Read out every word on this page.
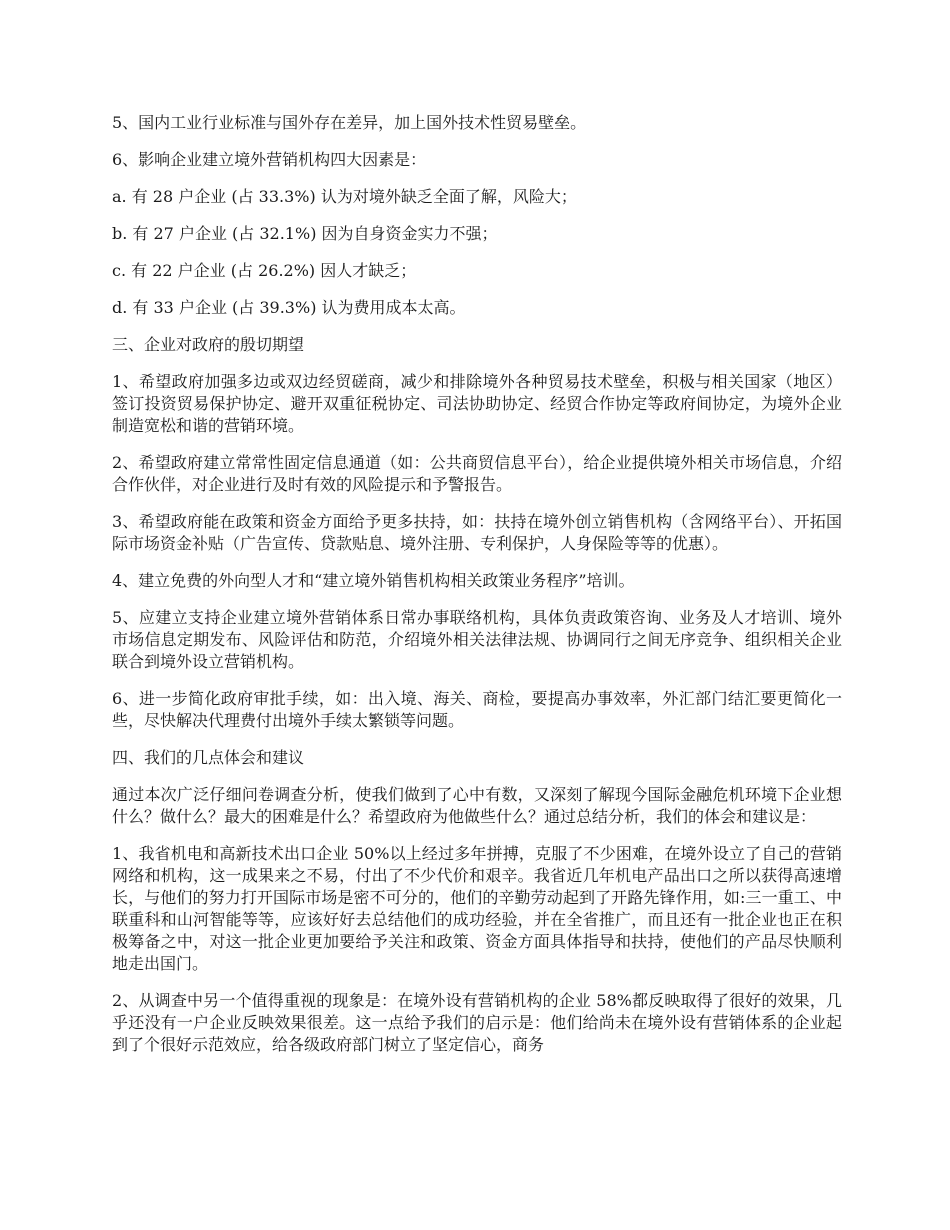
5、国内工业行业标准与国外存在差异，加上国外技术性贸易壁垒。

6、影响企业建立境外营销机构四大因素是：

a. 有 28 户企业 (占 33.3%) 认为对境外缺乏全面了解，风险大；

b. 有 27 户企业 (占 32.1%) 因为自身资金实力不强；

c. 有 22 户企业 (占 26.2%) 因人才缺乏；

d. 有 33 户企业 (占 39.3%) 认为费用成本太高。

三、企业对政府的殷切期望

1、希望政府加强多边或双边经贸磋商，减少和排除境外各种贸易技术壁垒，积极与相关国家（地区）签订投资贸易保护协定、避开双重征税协定、司法协助协定、经贸合作协定等政府间协定，为境外企业制造宽松和谐的营销环境。

2、希望政府建立常常性固定信息通道（如：公共商贸信息平台），给企业提供境外相关市场信息，介绍合作伙伴，对企业进行及时有效的风险提示和予警报告。

3、希望政府能在政策和资金方面给予更多扶持，如：扶持在境外创立销售机构（含网络平台）、开拓国际市场资金补贴（广告宣传、贷款贴息、境外注册、专利保护，人身保险等等的优惠）。

4、建立免费的外向型人才和“建立境外销售机构相关政策业务程序”培训。

5、应建立支持企业建立境外营销体系日常办事联络机构，具体负责政策咨询、业务及人才培训、境外市场信息定期发布、风险评估和防范，介绍境外相关法律法规、协调同行之间无序竞争、组织相关企业联合到境外设立营销机构。

6、进一步简化政府审批手续，如：出入境、海关、商检，要提高办事效率，外汇部门结汇要更简化一些，尽快解决代理费付出境外手续太繁锁等问题。

四、我们的几点体会和建议

通过本次广泛仔细问卷调查分析，使我们做到了心中有数，又深刻了解现今国际金融危机环境下企业想什么？做什么？最大的困难是什么？希望政府为他做些什么？通过总结分析，我们的体会和建议是：

1、我省机电和高新技术出口企业 50%以上经过多年拼搏，克服了不少困难，在境外设立了自己的营销网络和机构，这一成果来之不易，付出了不少代价和艰辛。我省近几年机电产品出口之所以获得高速增长，与他们的努力打开国际市场是密不可分的，他们的辛勤劳动起到了开路先锋作用，如:三一重工、中联重科和山河智能等等，应该好好去总结他们的成功经验，并在全省推广，而且还有一批企业也正在积极筹备之中，对这一批企业更加要给予关注和政策、资金方面具体指导和扶持，使他们的产品尽快顺利地走出国门。

2、从调查中另一个值得重视的现象是：在境外设有营销机构的企业 58%都反映取得了很好的效果，几乎还没有一户企业反映效果很差。这一点给予我们的启示是：他们给尚未在境外设有营销体系的企业起到了个很好示范效应，给各级政府部门树立了坚定信心，商务
